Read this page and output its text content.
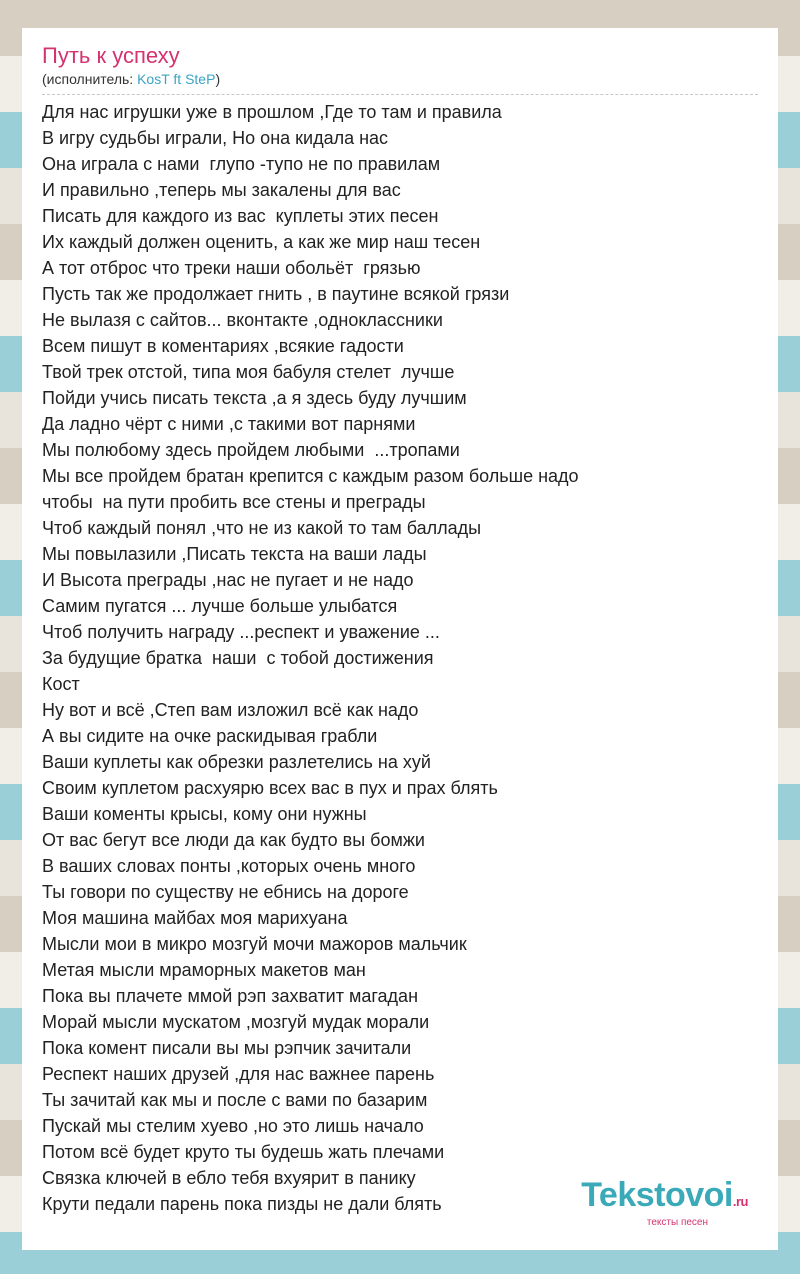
Путь к успеху
(исполнитель: KosT ft SteP)
Для нас игрушки уже в прошлом ,Где то там и правила
В игру судьбы играли, Но она кидала нас
Она играла с нами  глупо -тупо не по правилам
И правильно ,теперь мы закалены для вас
Писать для каждого из вас  куплеты этих песен
Их каждый должен оценить, а как же мир наш тесен
А тот отброс что треки наши обольёт  грязью
Пусть так же продолжает гнить , в паутине всякой грязи
Не вылазя с сайтов... вконтакте ,одноклассники
Всем пишут в коментариях ,всякие гадости
Твой трек отстой, типа моя бабуля стелет  лучше
Пойди учись писать текста ,а я здесь буду лучшим
Да ладно чёрт с ними ,с такими вот парнями
Мы полюбому здесь пройдем любыми  ...тропами
Мы все пройдем братан крепится с каждым разом больше надо
чтобы  на пути пробить все стены и преграды
Чтоб каждый понял ,что не из какой то там баллады
Мы повылазили ,Писать текста на ваши лады
И Высота преграды ,нас не пугает и не надо
Самим пугатся ... лучше больше улыбатся
Чтоб получить награду ...респект и уважение ...
За будущие братка  наши  с тобой достижения
Кост
Ну вот и всё ,Степ вам изложил всё как надо
А вы сидите на очке раскидывая грабли
Ваши куплеты как обрезки разлетелись на хуй
Своим куплетом расхуярю всех вас в пух и прах блять
Ваши коменты крысы, кому они нужны
От вас бегут все люди да как будто вы бомжи
В ваших словах понты ,которых очень много
Ты говори по существу не ебнись на дороге
Моя машина майбах моя марихуана
Мысли мои в микро мозгуй мочи мажоров мальчик
Метая мысли мраморных макетов ман
Пока вы плачете ммой рэп захватит магадан
Морай мысли мускатом ,мозгуй мудак морали
Пока комент писали вы мы рэпчик зачитали
Респект наших друзей ,для нас важнее парень
Ты зачитай как мы и после с вами по базарим
Пускай мы стелим хуево ,но это лишь начало
Потом всё будет круто ты будешь жать плечами
Связка ключей в ебло тебя вхуярит в панику
Крути педали парень пока пизды не дали блять	Tekstovoi.ru
тексты песен
